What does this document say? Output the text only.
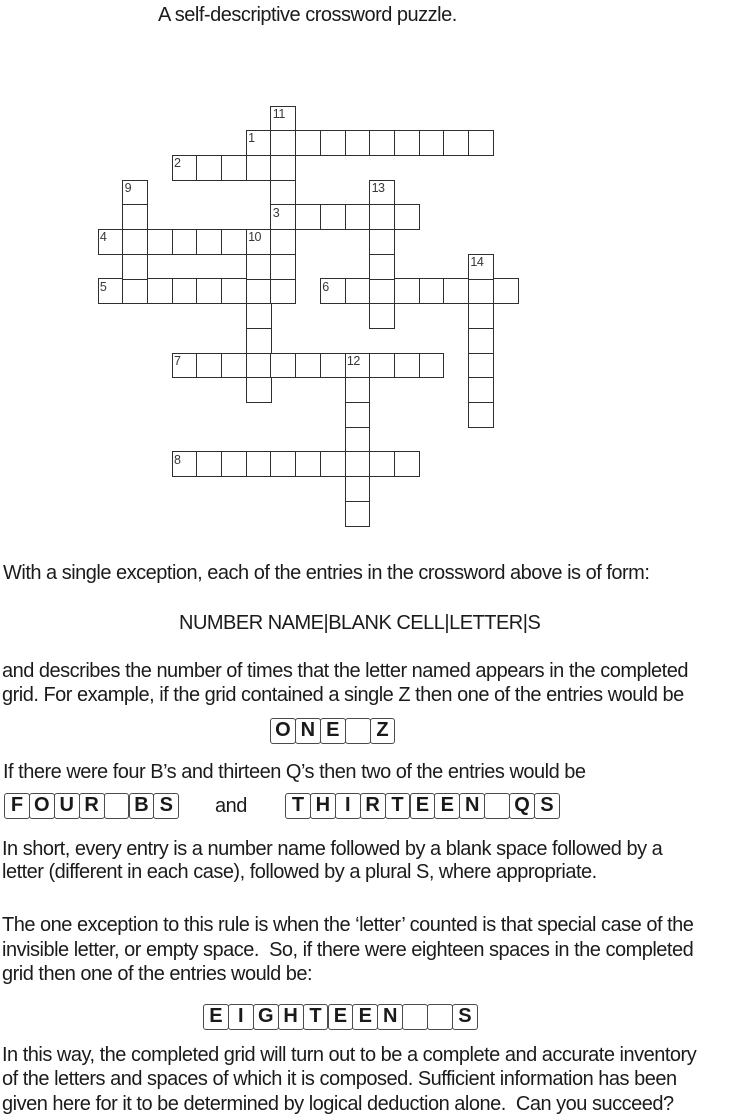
A self-descriptive crossword puzzle.
1
2
3
4
5	6
7
8
9
10
11
12
13
14
With a single exception, each of the entries in the crossword above is of form:
NUMBER NAME|BLANK CELL|LETTER|S
and describes the number of times that the letter named appears in the completed
grid. For example, if the grid contained a single Z then one of the entries would be
O N E	Z
If there were four B’s and thirteen Q’s then two of the entries would be
F O U R B S	and	T H I R T E E N Q S
In short, every entry is a number name followed by a blank space followed by a
letter (different in each case), followed by a plural S, where appropriate.
The one exception to this rule is when the ‘letter’ counted is that special case of the
invisible letter, or empty space.  So, if there were eighteen spaces in the completed
grid then one of the entries would be:
E I G H T E E N	S
In this way, the completed grid will turn out to be a complete and accurate inventory
of the letters and spaces of which it is composed. Sufficient information has been
given here for it to be determined by logical deduction alone.  Can you succeed?
